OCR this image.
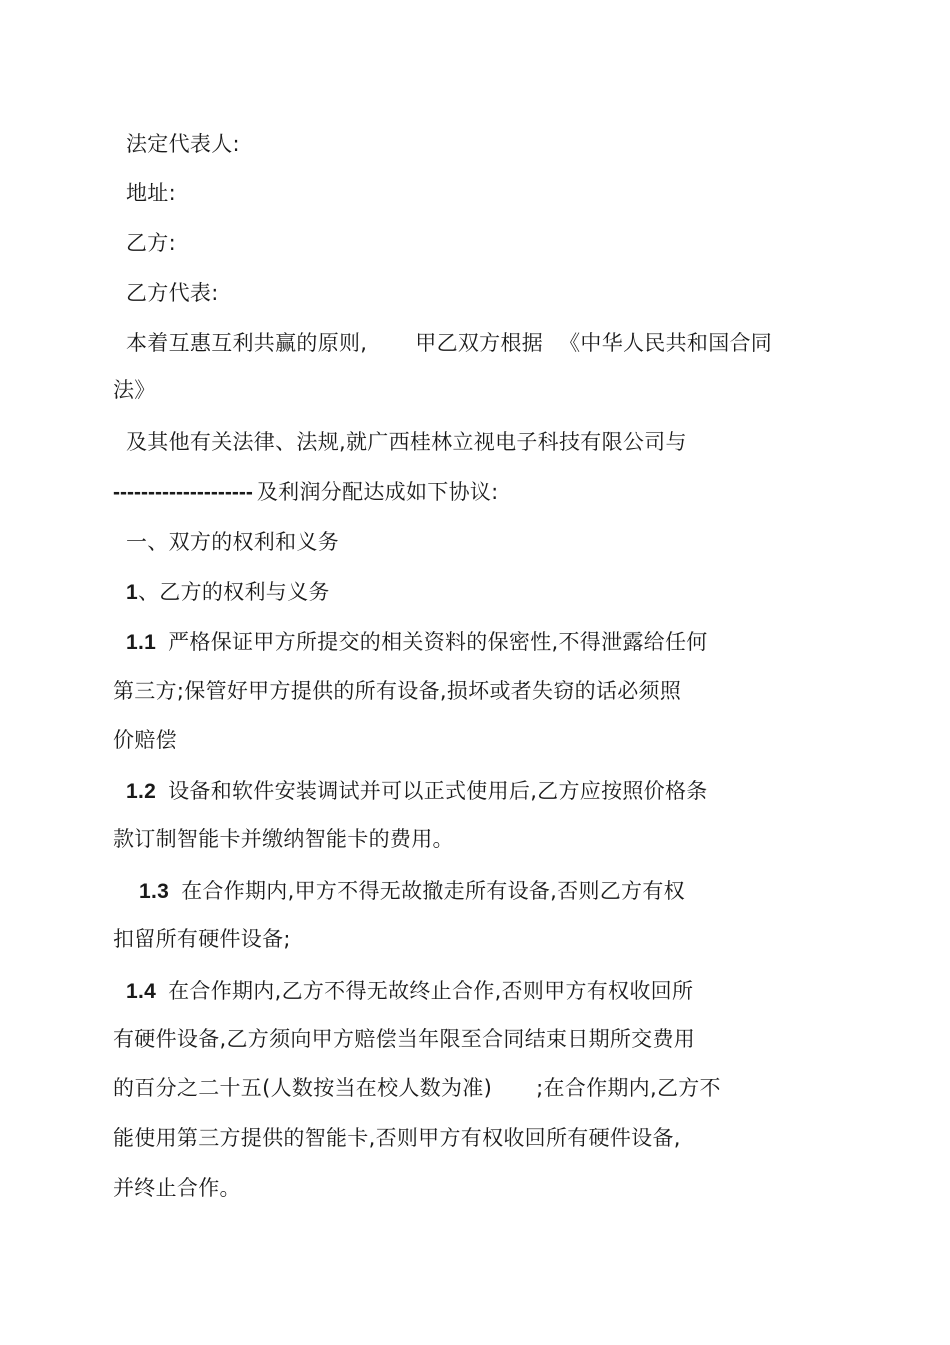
法定代表人:
地址:
乙方:
乙方代表:
本着互惠互利共赢的原则, 甲乙双方根据 《中华人民共和国合同
法》
及其他有关法律、法规,就广西桂林立视电子科技有限公司与
-------------------- 及利润分配达成如下协议:
一、双方的权利和义务
1、乙方的权利与义务
1.1 严格保证甲方所提交的相关资料的保密性,不得泄露给任何
第三方;保管好甲方提供的所有设备,损坏或者失窃的话必须照
价赔偿
1.2 设备和软件安装调试并可以正式使用后,乙方应按照价格条
款订制智能卡并缴纳智能卡的费用。
1.3 在合作期内,甲方不得无故撤走所有设备,否则乙方有权
扣留所有硬件设备;
1.4 在合作期内,乙方不得无故终止合作,否则甲方有权收回所
有硬件设备,乙方须向甲方赔偿当年限至合同结束日期所交费用
的百分之二十五(人数按当在校人数为准) ;在合作期内,乙方不
能使用第三方提供的智能卡,否则甲方有权收回所有硬件设备,
并终止合作。
